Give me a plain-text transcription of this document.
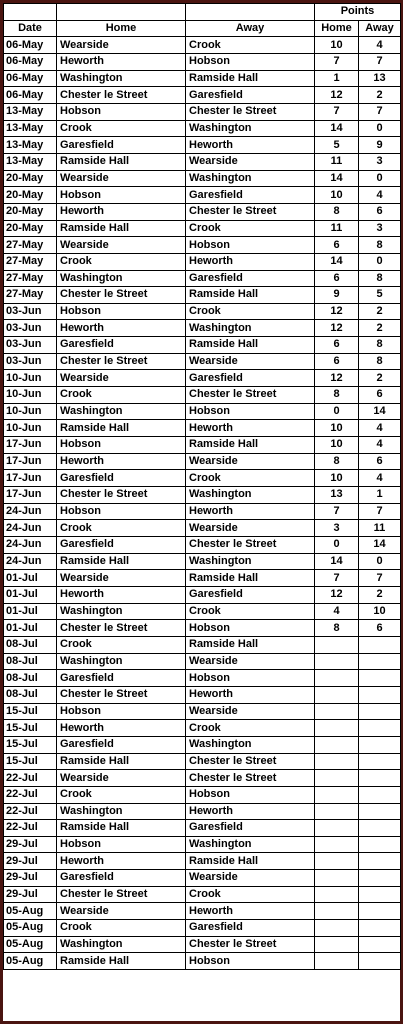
			Points	
Date	Home	Away	Home	Away
06-May	Wearside	Crook	10	4
06-May	Heworth	Hobson	7	7
06-May	Washington	Ramside Hall	1	13
06-May	Chester le Street	Garesfield	12	2
13-May	Hobson	Chester le Street	7	7
13-May	Crook	Washington	14	0
13-May	Garesfield	Heworth	5	9
13-May	Ramside Hall	Wearside	11	3
20-May	Wearside	Washington	14	0
20-May	Hobson	Garesfield	10	4
20-May	Heworth	Chester le Street	8	6
20-May	Ramside Hall	Crook	11	3
27-May	Wearside	Hobson	6	8
27-May	Crook	Heworth	14	0
27-May	Washington	Garesfield	6	8
27-May	Chester le Street	Ramside Hall	9	5
03-Jun	Hobson	Crook	12	2
03-Jun	Heworth	Washington	12	2
03-Jun	Garesfield	Ramside Hall	6	8
03-Jun	Chester le Street	Wearside	6	8
10-Jun	Wearside	Garesfield	12	2
10-Jun	Crook	Chester le Street	8	6
10-Jun	Washington	Hobson	0	14
10-Jun	Ramside Hall	Heworth	10	4
17-Jun	Hobson	Ramside Hall	10	4
17-Jun	Heworth	Wearside	8	6
17-Jun	Garesfield	Crook	10	4
17-Jun	Chester le Street	Washington	13	1
24-Jun	Hobson	Heworth	7	7
24-Jun	Crook	Wearside	3	11
24-Jun	Garesfield	Chester le Street	0	14
24-Jun	Ramside Hall	Washington	14	0
01-Jul	Wearside	Ramside Hall	7	7
01-Jul	Heworth	Garesfield	12	2
01-Jul	Washington	Crook	4	10
01-Jul	Chester le Street	Hobson	8	6
08-Jul	Crook	Ramside Hall		
08-Jul	Washington	Wearside		
08-Jul	Garesfield	Hobson		
08-Jul	Chester le Street	Heworth		
15-Jul	Hobson	Wearside		
15-Jul	Heworth	Crook		
15-Jul	Garesfield	Washington		
15-Jul	Ramside Hall	Chester le Street		
22-Jul	Wearside	Chester le Street		
22-Jul	Crook	Hobson		
22-Jul	Washington	Heworth		
22-Jul	Ramside Hall	Garesfield		
29-Jul	Hobson	Washington		
29-Jul	Heworth	Ramside Hall		
29-Jul	Garesfield	Wearside		
29-Jul	Chester le Street	Crook		
05-Aug	Wearside	Heworth		
05-Aug	Crook	Garesfield		
05-Aug	Washington	Chester le Street		
05-Aug	Ramside Hall	Hobson		
